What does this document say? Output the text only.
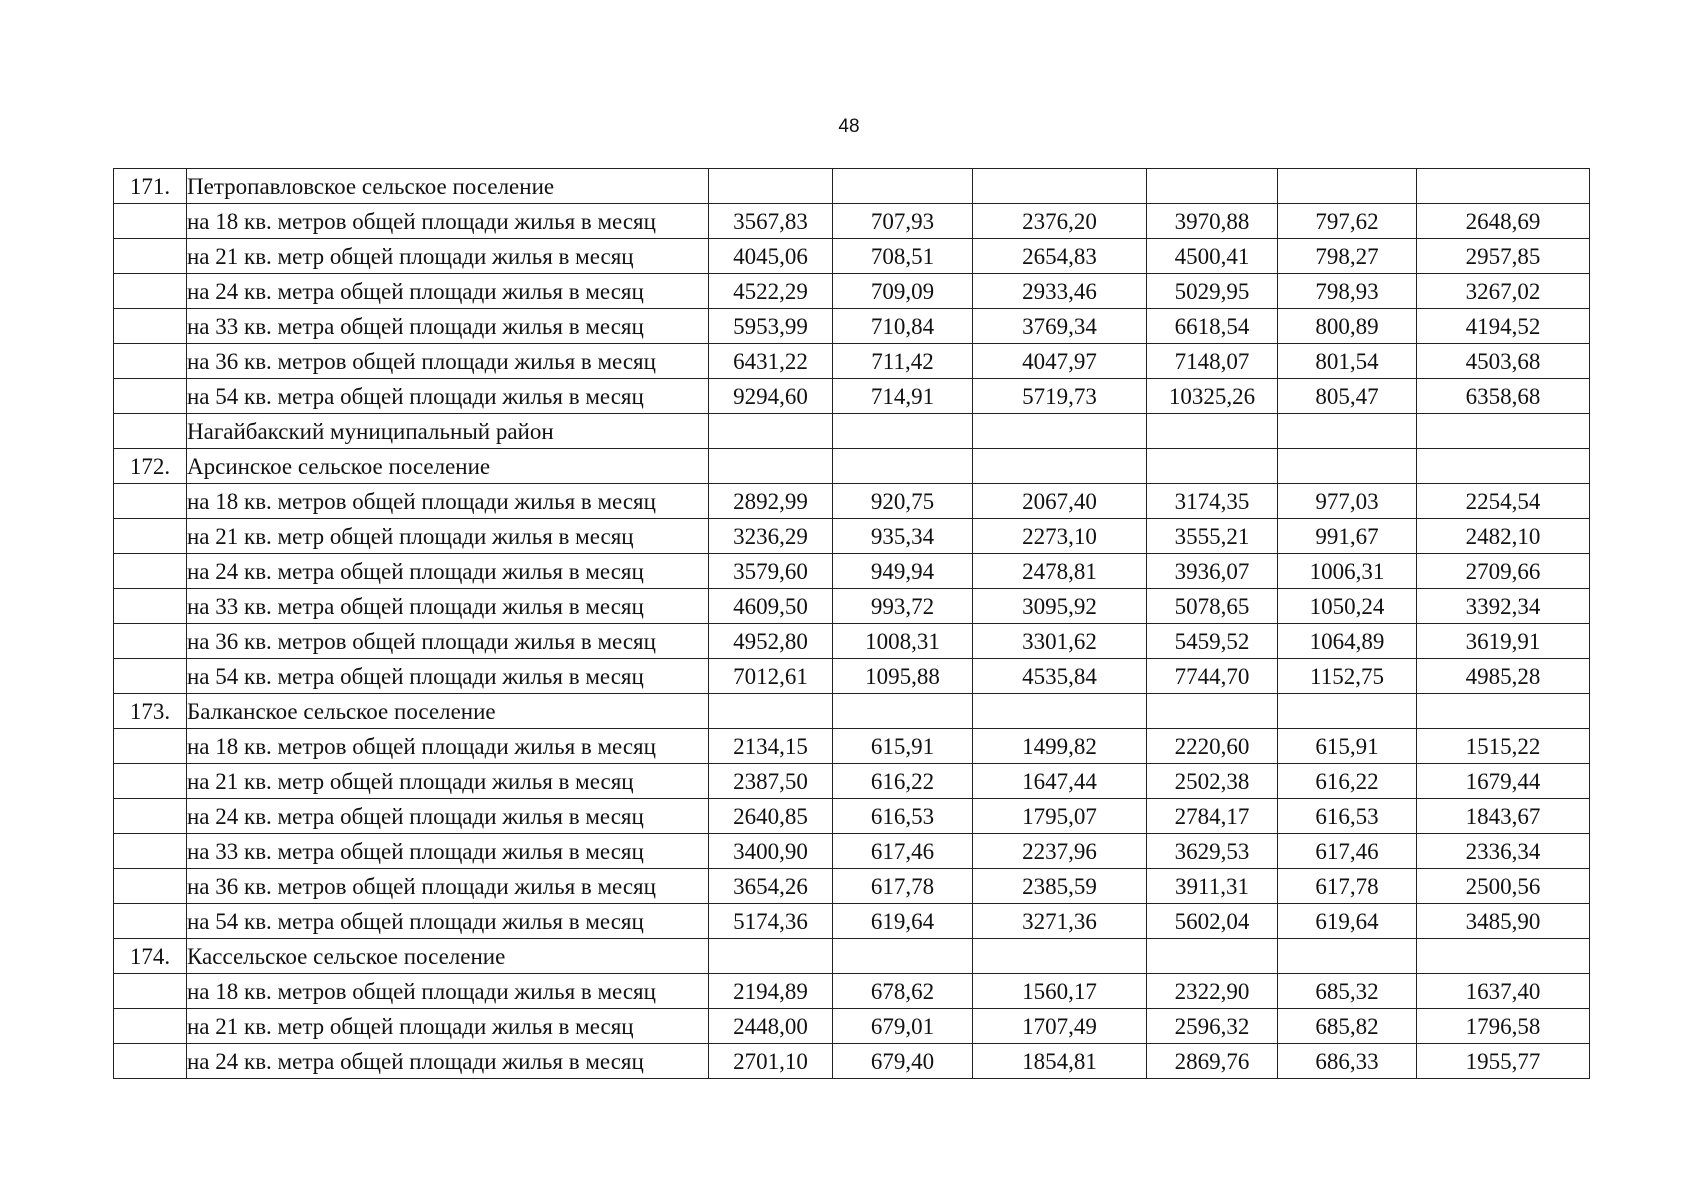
48
171.	Петропавловское сельское поселение						
	на 18 кв. метров общей площади жилья в месяц	3567,83	707,93	2376,20	3970,88	797,62	2648,69
	на 21 кв. метр общей площади жилья в месяц	4045,06	708,51	2654,83	4500,41	798,27	2957,85
	на 24 кв. метра общей площади жилья в месяц	4522,29	709,09	2933,46	5029,95	798,93	3267,02
	на 33 кв. метра общей площади жилья в месяц	5953,99	710,84	3769,34	6618,54	800,89	4194,52
	на 36 кв. метров общей площади жилья в месяц	6431,22	711,42	4047,97	7148,07	801,54	4503,68
	на 54 кв. метра общей площади жилья в месяц	9294,60	714,91	5719,73	10325,26	805,47	6358,68
	Нагайбакский муниципальный район						
172.	Арсинское сельское поселение						
	на 18 кв. метров общей площади жилья в месяц	2892,99	920,75	2067,40	3174,35	977,03	2254,54
	на 21 кв. метр общей площади жилья в месяц	3236,29	935,34	2273,10	3555,21	991,67	2482,10
	на 24 кв. метра общей площади жилья в месяц	3579,60	949,94	2478,81	3936,07	1006,31	2709,66
	на 33 кв. метра общей площади жилья в месяц	4609,50	993,72	3095,92	5078,65	1050,24	3392,34
	на 36 кв. метров общей площади жилья в месяц	4952,80	1008,31	3301,62	5459,52	1064,89	3619,91
	на 54 кв. метра общей площади жилья в месяц	7012,61	1095,88	4535,84	7744,70	1152,75	4985,28
173.	Балканское сельское поселение						
	на 18 кв. метров общей площади жилья в месяц	2134,15	615,91	1499,82	2220,60	615,91	1515,22
	на 21 кв. метр общей площади жилья в месяц	2387,50	616,22	1647,44	2502,38	616,22	1679,44
	на 24 кв. метра общей площади жилья в месяц	2640,85	616,53	1795,07	2784,17	616,53	1843,67
	на 33 кв. метра общей площади жилья в месяц	3400,90	617,46	2237,96	3629,53	617,46	2336,34
	на 36 кв. метров общей площади жилья в месяц	3654,26	617,78	2385,59	3911,31	617,78	2500,56
	на 54 кв. метра общей площади жилья в месяц	5174,36	619,64	3271,36	5602,04	619,64	3485,90
174.	Кассельское сельское поселение						
	на 18 кв. метров общей площади жилья в месяц	2194,89	678,62	1560,17	2322,90	685,32	1637,40
	на 21 кв. метр общей площади жилья в месяц	2448,00	679,01	1707,49	2596,32	685,82	1796,58
	на 24 кв. метра общей площади жилья в месяц	2701,10	679,40	1854,81	2869,76	686,33	1955,77
